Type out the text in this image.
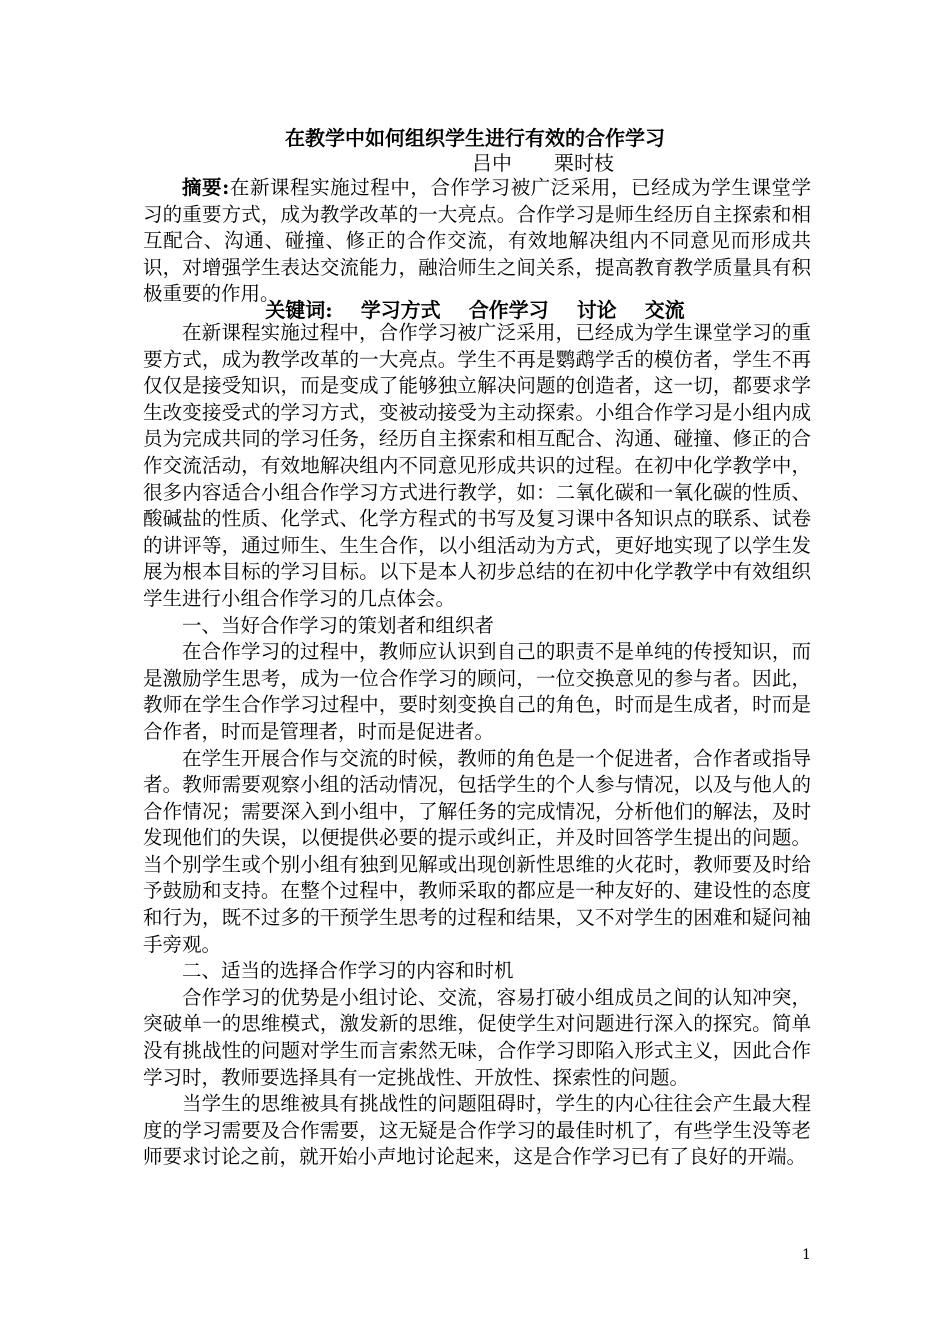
在教学中如何组织学生进行有效的合作学习
吕中 栗时枝

摘要:在新课程实施过程中，合作学习被广泛采用，已经成为学生课堂学习的重要方式，成为教学改革的一大亮点。合作学习是师生经历自主探索和相互配合、沟通、碰撞、修正的合作交流，有效地解决组内不同意见而形成共识，对增强学生表达交流能力，融洽师生之间关系，提高教育教学质量具有积极重要的作用。

关键词: 学习方式 合作学习 讨论 交流

在新课程实施过程中，合作学习被广泛采用，已经成为学生课堂学习的重要方式，成为教学改革的一大亮点。学生不再是鹦鹉学舌的模仿者，学生不再仅仅是接受知识，而是变成了能够独立解决问题的创造者，这一切，都要求学生改变接受式的学习方式，变被动接受为主动探索。小组合作学习是小组内成员为完成共同的学习任务，经历自主探索和相互配合、沟通、碰撞、修正的合作交流活动，有效地解决组内不同意见形成共识的过程。在初中化学教学中，很多内容适合小组合作学习方式进行教学，如：二氧化碳和一氧化碳的性质、酸碱盐的性质、化学式、化学方程式的书写及复习课中各知识点的联系、试卷的讲评等，通过师生、生生合作，以小组活动为方式，更好地实现了以学生发展为根本目标的学习目标。以下是本人初步总结的在初中化学教学中有效组织学生进行小组合作学习的几点体会。

一、当好合作学习的策划者和组织者

在合作学习的过程中，教师应认识到自己的职责不是单纯的传授知识，而是激励学生思考，成为一位合作学习的顾问，一位交换意见的参与者。因此，教师在学生合作学习过程中，要时刻变换自己的角色，时而是生成者，时而是合作者，时而是管理者，时而是促进者。

在学生开展合作与交流的时候，教师的角色是一个促进者，合作者或指导者。教师需要观察小组的活动情况，包括学生的个人参与情况，以及与他人的合作情况；需要深入到小组中，了解任务的完成情况，分析他们的解法，及时发现他们的失误，以便提供必要的提示或纠正，并及时回答学生提出的问题。当个别学生或个别小组有独到见解或出现创新性思维的火花时，教师要及时给予鼓励和支持。在整个过程中，教师采取的都应是一种友好的、建设性的态度和行为，既不过多的干预学生思考的过程和结果，又不对学生的困难和疑问袖手旁观。

二、适当的选择合作学习的内容和时机

合作学习的优势是小组讨论、交流，容易打破小组成员之间的认知冲突，突破单一的思维模式，激发新的思维，促使学生对问题进行深入的探究。简单没有挑战性的问题对学生而言索然无味，合作学习即陷入形式主义，因此合作学习时，教师要选择具有一定挑战性、开放性、探索性的问题。

当学生的思维被具有挑战性的问题阻碍时，学生的内心往往会产生最大程度的学习需要及合作需要，这无疑是合作学习的最佳时机了，有些学生没等老师要求讨论之前，就开始小声地讨论起来，这是合作学习已有了良好的开端。

1
